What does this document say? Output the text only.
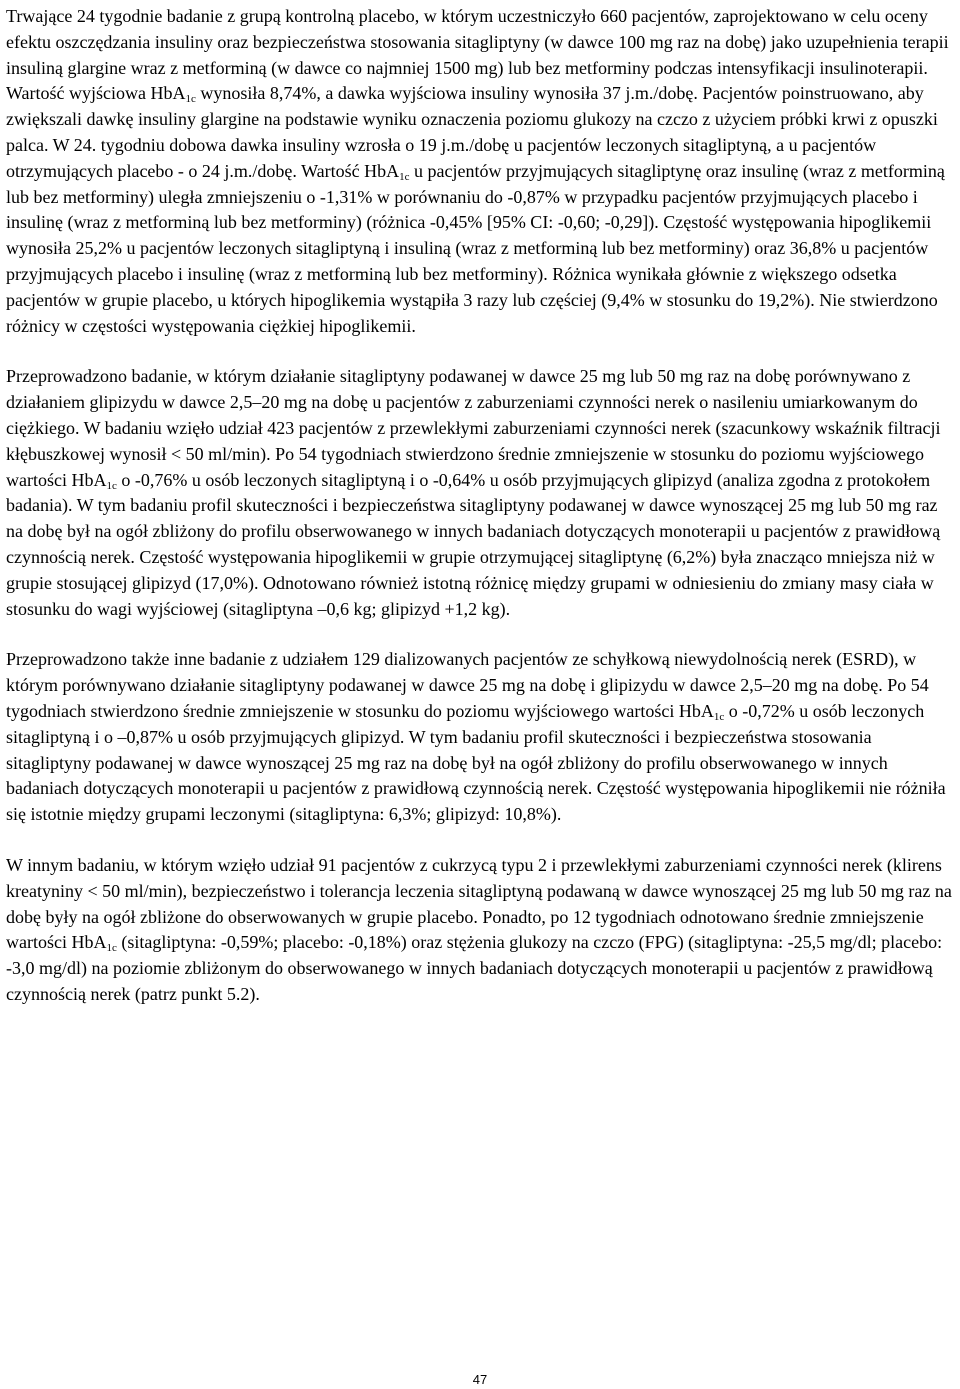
Trwające 24 tygodnie badanie z grupą kontrolną placebo, w którym uczestniczyło 660 pacjentów, zaprojektowano w celu oceny efektu oszczędzania insuliny oraz bezpieczeństwa stosowania sitagliptyny (w dawce 100 mg raz na dobę) jako uzupełnienia terapii insuliną glargine wraz z metforminą (w dawce co najmniej 1500 mg) lub bez metforminy podczas intensyfikacji insulinoterapii. Wartość wyjściowa HbA$_{1c}$ wynosiła 8,74%, a dawka wyjściowa insuliny wynosiła 37 j.m./dobę. Pacjentów poinstruowano, aby zwiększali dawkę insuliny glargine na podstawie wyniku oznaczenia poziomu glukozy na czczo z użyciem próbki krwi z opuszki palca. W 24. tygodniu dobowa dawka insuliny wzrosła o 19 j.m./dobę u pacjentów leczonych sitagliptyną, a u pacjentów otrzymujących placebo - o 24 j.m./dobę. Wartość HbA$_{1c}$ u pacjentów przyjmujących sitagliptynę oraz insulinę (wraz z metforminą lub bez metforminy) uległa zmniejszeniu o -1,31% w porównaniu do -0,87% w przypadku pacjentów przyjmujących placebo i insulinę (wraz z metforminą lub bez metforminy) (różnica -0,45% [95% CI: -0,60; -0,29]). Częstość występowania hipoglikemii wynosiła 25,2% u pacjentów leczonych sitagliptyną i insuliną (wraz z metforminą lub bez metforminy) oraz 36,8% u pacjentów przyjmujących placebo i insulinę (wraz z metforminą lub bez metforminy). Różnica wynikała głównie z większego odsetka pacjentów w grupie placebo, u których hipoglikemia wystąpiła 3 razy lub częściej (9,4% w stosunku do 19,2%). Nie stwierdzono różnicy w częstości występowania ciężkiej hipoglikemii.

Przeprowadzono badanie, w którym działanie sitagliptyny podawanej w dawce 25 mg lub 50 mg raz na dobę porównywano z działaniem glipizydu w dawce 2,5–20 mg na dobę u pacjentów z zaburzeniami czynności nerek o nasileniu umiarkowanym do ciężkiego. W badaniu wzięło udział 423 pacjentów z przewlekłymi zaburzeniami czynności nerek (szacunkowy wskaźnik filtracji kłębuszkowej wynosił < 50 ml/min). Po 54 tygodniach stwierdzono średnie zmniejszenie w stosunku do poziomu wyjściowego wartości HbA$_{1c}$ o -0,76% u osób leczonych sitagliptyną i o -0,64% u osób przyjmujących glipizyd (analiza zgodna z protokołem badania). W tym badaniu profil skuteczności i bezpieczeństwa sitagliptyny podawanej w dawce wynoszącej 25 mg lub 50 mg raz na dobę był na ogół zbliżony do profilu obserwowanego w innych badaniach dotyczących monoterapii u pacjentów z prawidłową czynnością nerek. Częstość występowania hipoglikemii w grupie otrzymującej sitagliptynę (6,2%) była znacząco mniejsza niż w grupie stosującej glipizyd (17,0%). Odnotowano również istotną różnicę między grupami w odniesieniu do zmiany masy ciała w stosunku do wagi wyjściowej (sitagliptyna –0,6 kg; glipizyd +1,2 kg).

Przeprowadzono także inne badanie z udziałem 129 dializowanych pacjentów ze schyłkową niewydolnością nerek (ESRD), w którym porównywano działanie sitagliptyny podawanej w dawce 25 mg na dobę i glipizydu w dawce 2,5–20 mg na dobę. Po 54 tygodniach stwierdzono średnie zmniejszenie w stosunku do poziomu wyjściowego wartości HbA$_{1c}$ o -0,72% u osób leczonych sitagliptyną i o –0,87% u osób przyjmujących glipizyd. W tym badaniu profil skuteczności i bezpieczeństwa stosowania sitagliptyny podawanej w dawce wynoszącej 25 mg raz na dobę był na ogół zbliżony do profilu obserwowanego w innych badaniach dotyczących monoterapii u pacjentów z prawidłową czynnością nerek. Częstość występowania hipoglikemii nie różniła się istotnie między grupami leczonymi (sitagliptyna: 6,3%; glipizyd: 10,8%).

W innym badaniu, w którym wzięło udział 91 pacjentów z cukrzycą typu 2 i przewlekłymi zaburzeniami czynności nerek (klirens kreatyniny < 50 ml/min), bezpieczeństwo i tolerancja leczenia sitagliptyną podawaną w dawce wynoszącej 25 mg lub 50 mg raz na dobę były na ogół zbliżone do obserwowanych w grupie placebo. Ponadto, po 12 tygodniach odnotowano średnie zmniejszenie wartości HbA$_{1c}$ (sitagliptyna: -0,59%; placebo: -0,18%) oraz stężenia glukozy na czczo (FPG) (sitagliptyna: -25,5 mg/dl; placebo: -3,0 mg/dl) na poziomie zbliżonym do obserwowanego w innych badaniach dotyczących monoterapii u pacjentów z prawidłową czynnością nerek (patrz punkt 5.2).

47
